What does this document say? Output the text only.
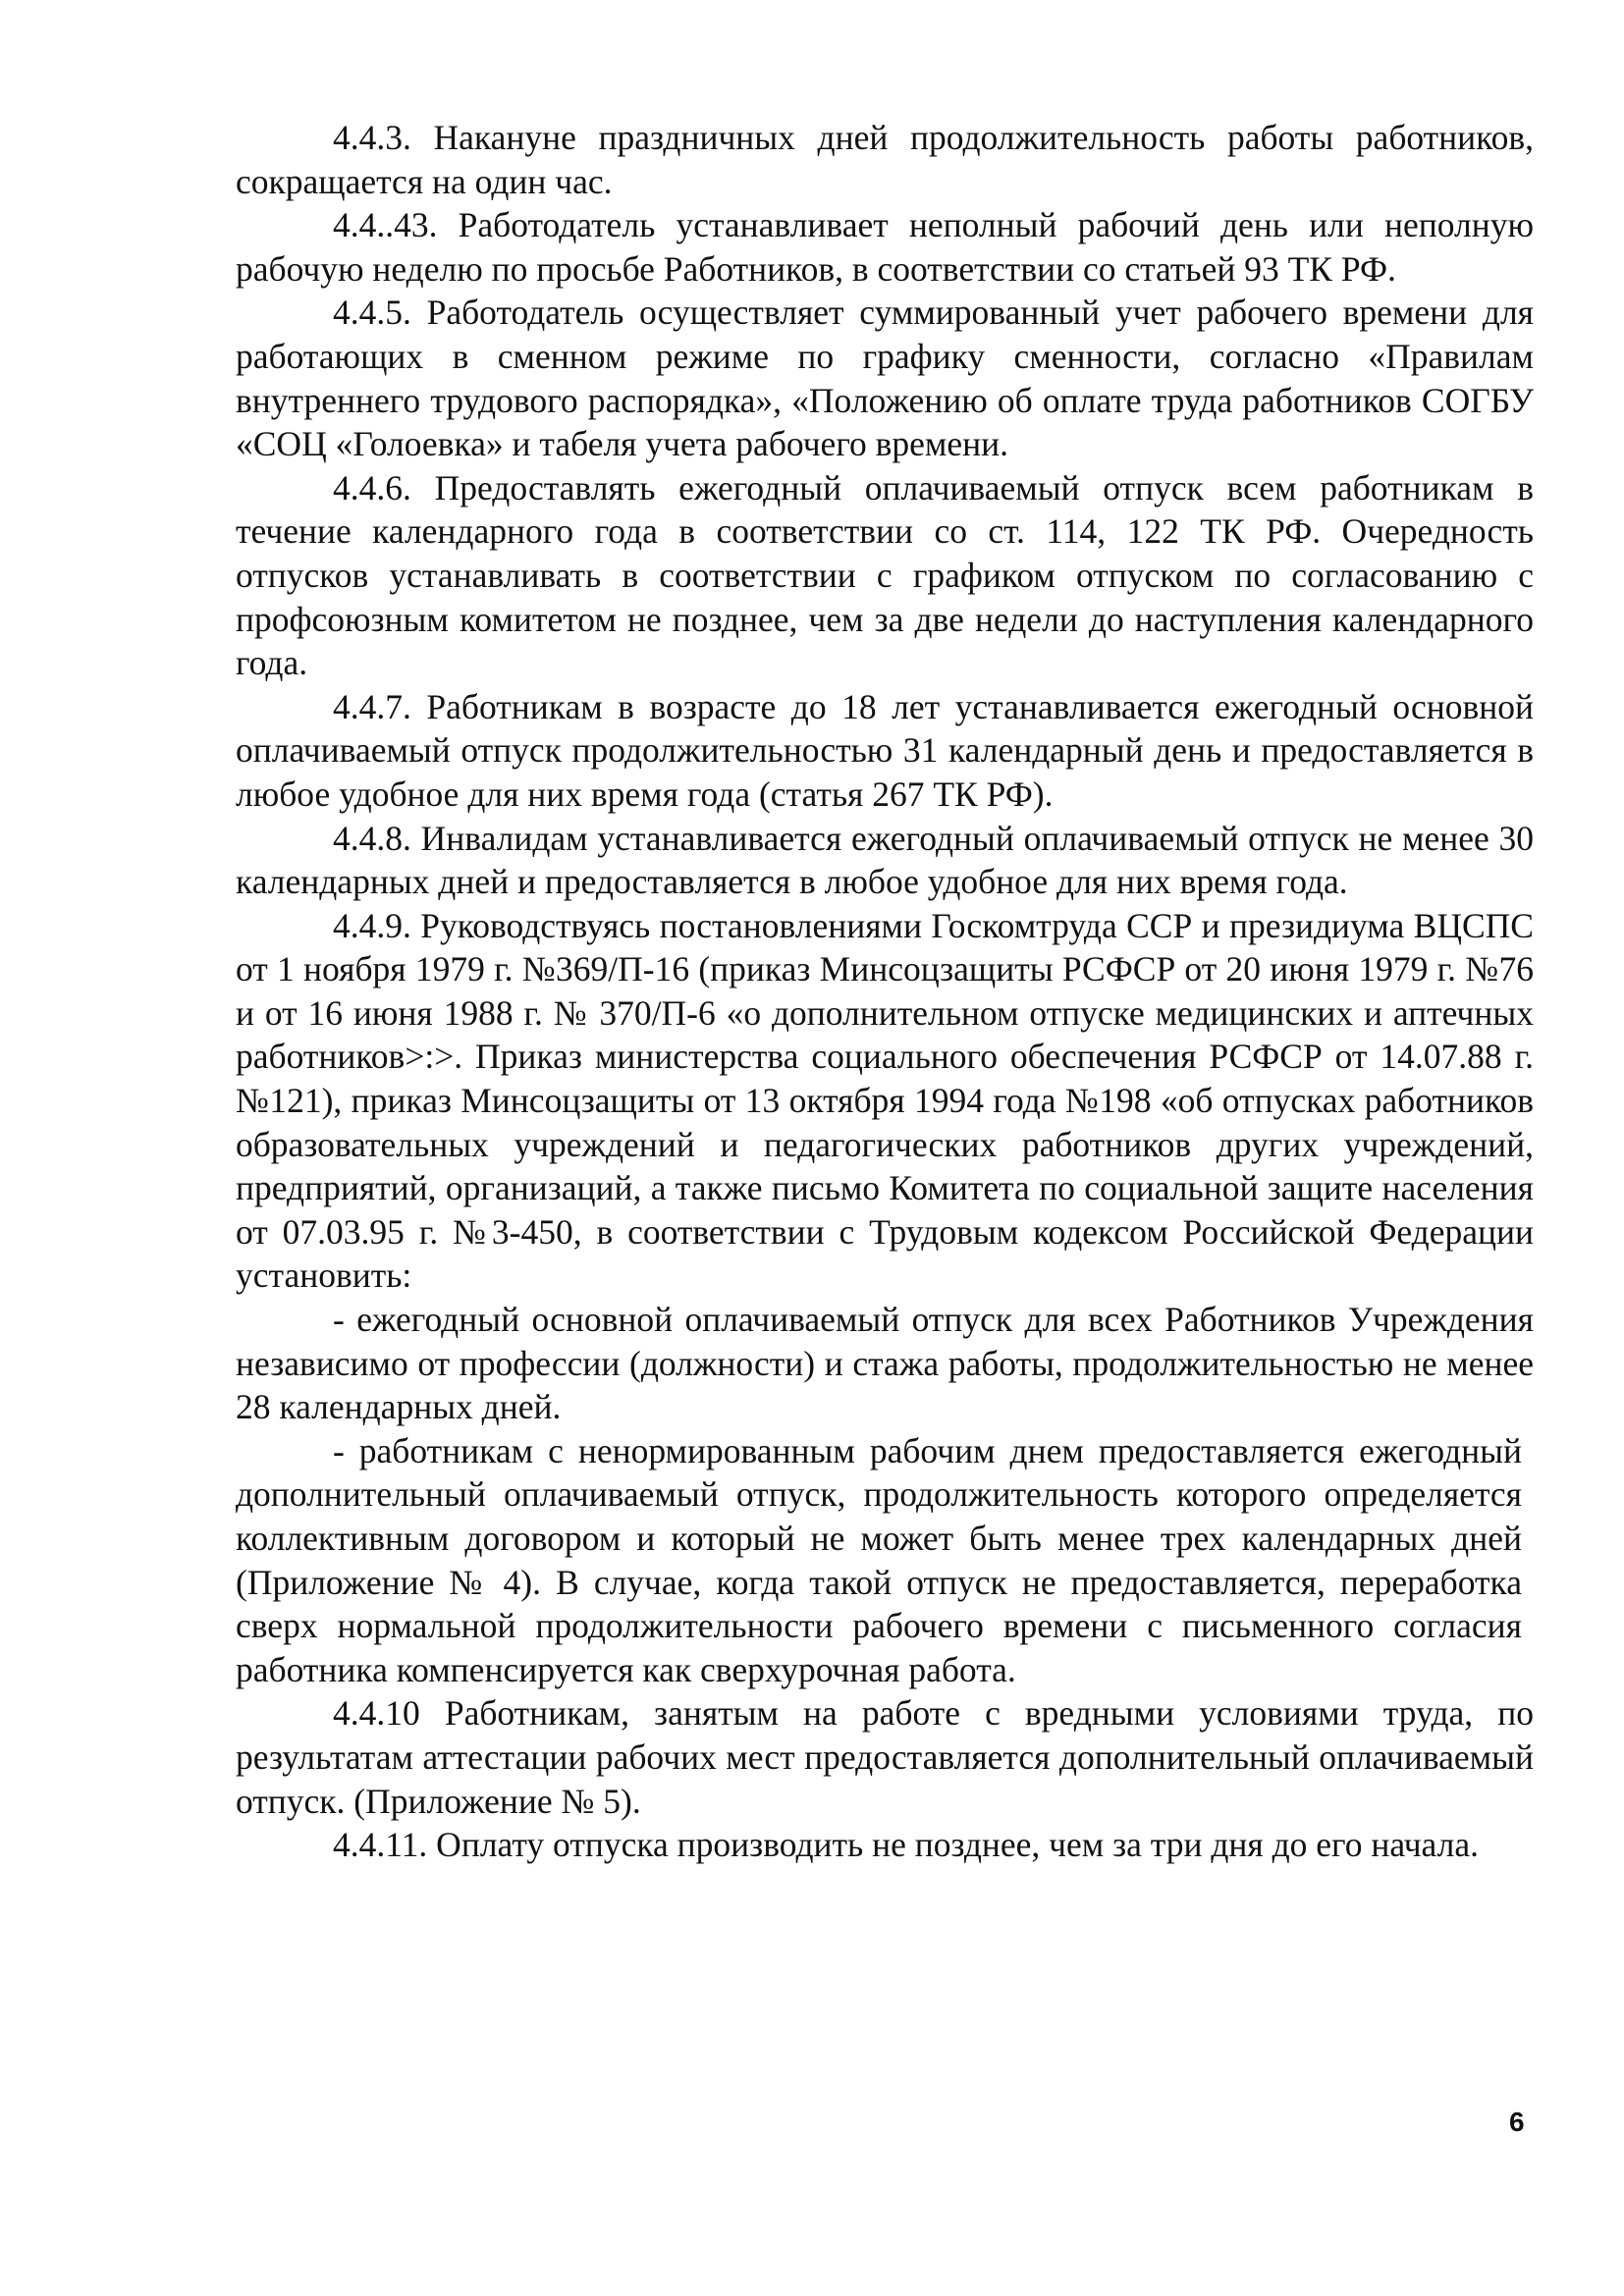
4.4.3. Накануне праздничных дней продолжительность работы работников, сокращается на один час.

4.4..43. Работодатель устанавливает неполный рабочий день или неполную рабочую неделю по просьбе Работников, в соответствии со статьей 93 ТК РФ.

4.4.5. Работодатель осуществляет суммированный учет рабочего времени для работающих в сменном режиме по графику сменности, согласно «Правилам внутреннего трудового распорядка», «Положению об оплате труда работников СОГБУ «СОЦ «Голоевка» и табеля учета рабочего времени.

4.4.6. Предоставлять ежегодный оплачиваемый отпуск всем работникам в течение календарного года в соответствии со ст. 114, 122 ТК РФ. Очередность отпусков устанавливать в соответствии с графиком отпуском по согласованию с профсоюзным комитетом не позднее, чем за две недели до наступления календарного года.

4.4.7. Работникам в возрасте до 18 лет устанавливается ежегодный основной оплачиваемый отпуск продолжительностью 31 календарный день и предоставляется в любое удобное для них время года (статья 267 ТК РФ).

4.4.8. Инвалидам устанавливается ежегодный оплачиваемый отпуск не менее 30 календарных дней и предоставляется в любое удобное для них время года.

4.4.9. Руководствуясь постановлениями Госкомтруда ССР и президиума ВЦСПС от 1 ноября 1979 г. №369/П-16 (приказ Минсоцзащиты РСФСР от 20 июня 1979 г. №76 и от 16 июня 1988 г. № 370/П-6 «о дополнительном отпуске медицинских и аптечных работников>:>. Приказ министерства социального обеспечения РСФСР от 14.07.88 г. №121), приказ Минсоцзащиты от 13 октября 1994 года №198 «об отпусках работников образовательных учреждений и педагогических работников других учреждений, предприятий, организаций, а также письмо Комитета по социальной защите населения от 07.03.95 г. №3-450, в соответствии с Трудовым кодексом Российской Федерации установить:

- ежегодный основной оплачиваемый отпуск для всех Работников Учреждения независимо от профессии (должности) и стажа работы, продолжительностью не менее 28 календарных дней.

- работникам с ненормированным рабочим днем предоставляется ежегодный дополнительный оплачиваемый отпуск, продолжительность которого определяется коллективным договором и который не может быть менее трех календарных дней (Приложение № 4). В случае, когда такой отпуск не предоставляется, переработка сверх нормальной продолжительности рабочего времени с письменного согласия работника компенсируется как сверхурочная работа.

4.4.10 Работникам, занятым на работе с вредными условиями труда, по результатам аттестации рабочих мест предоставляется дополнительный оплачиваемый отпуск. (Приложение № 5).

4.4.11. Оплату отпуска производить не позднее, чем за три дня до его начала.

6
